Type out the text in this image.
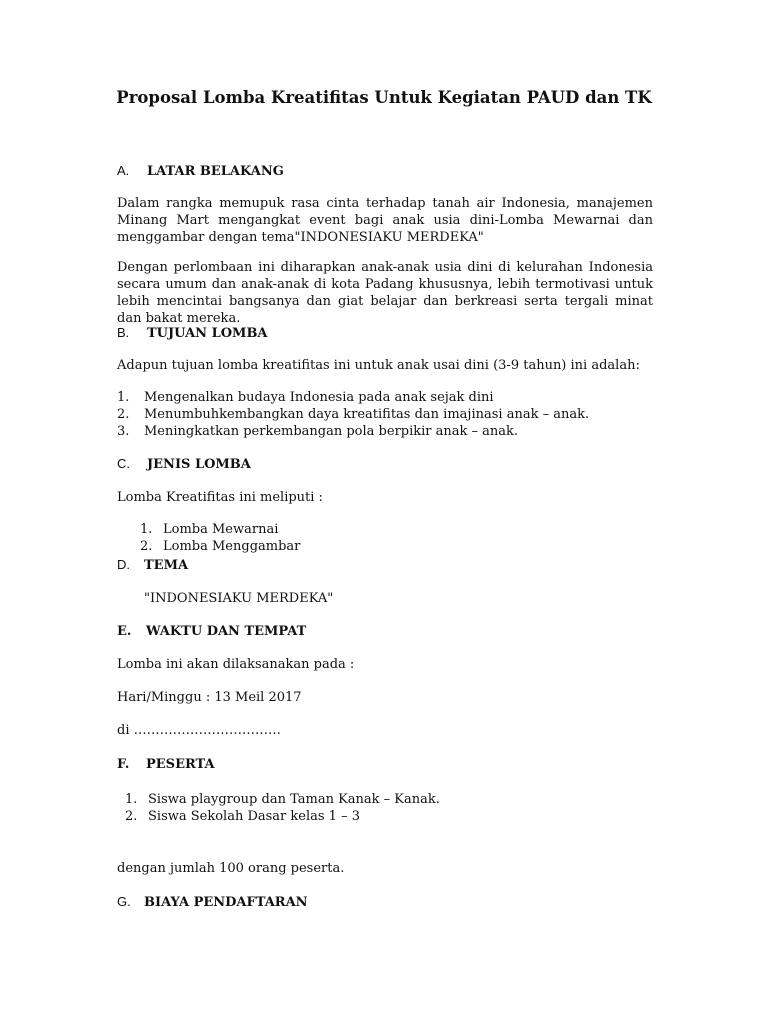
Proposal Lomba Kreatifitas Untuk Kegiatan PAUD dan TK
A. LATAR BELAKANG
Dalam rangka memupuk rasa cinta terhadap tanah air Indonesia, manajemen Minang Mart mengangkat event bagi anak usia dini-Lomba Mewarnai dan menggambar dengan tema"INDONESIAKU MERDEKA"
Dengan perlombaan ini diharapkan anak-anak usia dini di kelurahan Indonesia secara umum dan anak-anak di kota Padang khususnya, lebih termotivasi untuk lebih mencintai bangsanya dan giat belajar dan berkreasi serta tergali minat dan bakat mereka.
B. TUJUAN LOMBA
Adapun tujuan lomba kreatifitas ini untuk anak usai dini (3-9 tahun) ini adalah:
1. Mengenalkan budaya Indonesia pada anak sejak dini
2. Menumbuhkembangkan daya kreatifitas dan imajinasi anak – anak.
3. Meningkatkan perkembangan pola berpikir anak – anak.
C. JENIS LOMBA
Lomba Kreatifitas ini meliputi :
1. Lomba Mewarnai
2. Lomba Menggambar
D. TEMA
"INDONESIAKU MERDEKA"
E. WAKTU DAN TEMPAT
Lomba ini akan dilaksanakan pada :
Hari/Minggu : 13 Meil 2017
di …………………………….
F. PESERTA
1. Siswa playgroup dan Taman Kanak – Kanak.
2. Siswa Sekolah Dasar kelas 1 – 3
dengan jumlah 100 orang peserta.
G. BIAYA PENDAFTARAN
